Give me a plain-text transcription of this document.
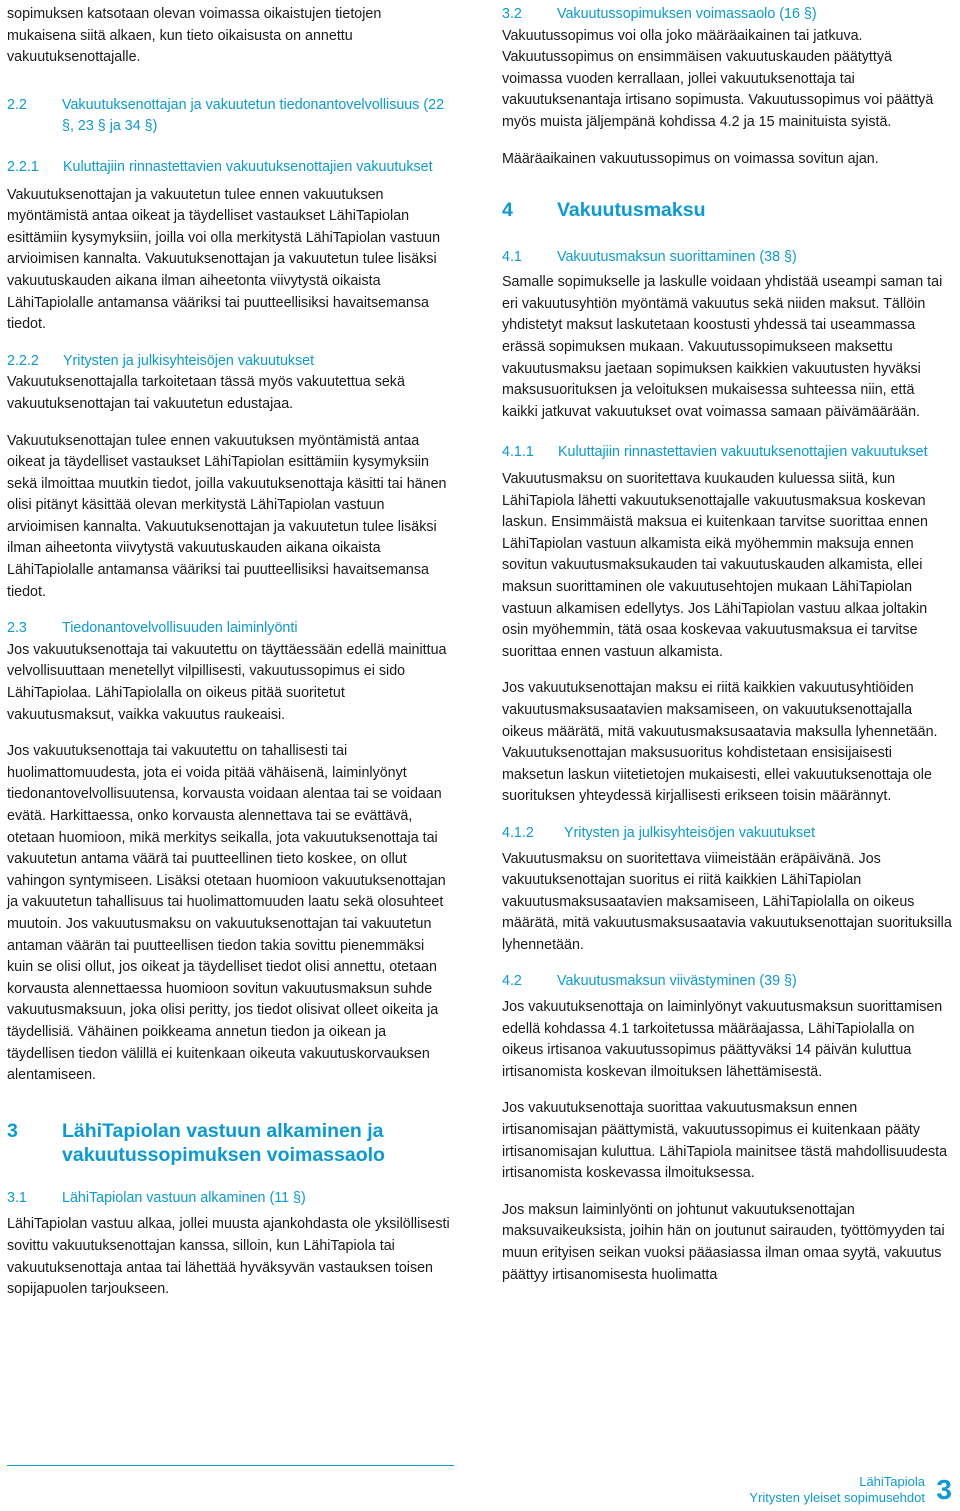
sopimuksen katsotaan olevan voimassa oikaistujen tietojen mukaisena siitä alkaen, kun tieto oikaisusta on annettu vakuutuksenottajalle.

2.2	Vakuutuksenottajan ja vakuutetun tiedonantovelvollisuus (22 §, 23 § ja 34 §)
2.2.1	Kuluttajiin rinnastettavien vakuutuksenottajien vakuutukset

Vakuutuksenottajan ja vakuutetun tulee ennen vakuutuksen myöntämistä antaa oikeat ja täydelliset vastaukset LähiTapiolan esittämiin kysymyksiin, joilla voi olla merkitystä LähiTapiolan vastuun arvioimisen kannalta. Vakuutuksenottajan ja vakuutetun tulee lisäksi vakuutuskauden aikana ilman aiheetonta viivytystä oikaista LähiTapiolalle antamansa vääriksi tai puutteellisiksi havaitsemansa tiedot.

2.2.2	Yritysten ja julkisyhteisöjen vakuutukset

Vakuutuksenottajalla tarkoitetaan tässä myös vakuutettua sekä vakuutuksenottajan tai vakuutetun edustajaa.

Vakuutuksenottajan tulee ennen vakuutuksen myöntämistä antaa oikeat ja täydelliset vastaukset LähiTapiolan esittämiin kysymyksiin sekä ilmoittaa muutkin tiedot, joilla vakuutuksenottaja käsitti tai hänen olisi pitänyt käsittää olevan merkitystä LähiTapiolan vastuun arvioimisen kannalta. Vakuutuksenottajan ja vakuutetun tulee lisäksi ilman aiheetonta viivytystä vakuutuskauden aikana oikaista LähiTapiolalle antamansa vääriksi tai puutteellisiksi havaitsemansa tiedot.

2.3	Tiedonantovelvollisuuden laiminlyönti

Jos vakuutuksenottaja tai vakuutettu on täyttäessään edellä mainittua velvollisuuttaan menetellyt vilpillisesti, vakuutussopimus ei sido LähiTapiolaa. LähiTapiolalla on oikeus pitää suoritetut vakuutusmaksut, vaikka vakuutus raukeaisi.

Jos vakuutuksenottaja tai vakuutettu on tahallisesti tai huolimattomuudesta, jota ei voida pitää vähäisenä, laiminlyönyt tiedonantovelvollisuutensa, korvausta voidaan alentaa tai se voidaan evätä. Harkittaessa, onko korvausta alennettava tai se evättävä, otetaan huomioon, mikä merkitys seikalla, jota vakuutuksenottaja tai vakuutetun antama väärä tai puutteellinen tieto koskee, on ollut vahingon syntymiseen. Lisäksi otetaan huomioon vakuutuksenottajan ja vakuutetun tahallisuus tai huolimattomuuden laatu sekä olosuhteet muutoin. Jos vakuutusmaksu on vakuutuksenottajan tai vakuutetun antaman väärän tai puutteellisen tiedon takia sovittu pienemmäksi kuin se olisi ollut, jos oikeat ja täydelliset tiedot olisi annettu, otetaan korvausta alennettaessa huomioon sovitun vakuutusmaksun suhde vakuutusmaksuun, joka olisi peritty, jos tiedot olisivat olleet oikeita ja täydellisiä. Vähäinen poikkeama annetun tiedon ja oikean ja täydellisen tiedon välillä ei kuitenkaan oikeuta vakuutuskorvauksen alentamiseen.

3	LähiTapiolan vastuun alkaminen ja vakuutussopimuksen voimassaolo
3.1	LähiTapiolan vastuun alkaminen (11 §)

LähiTapiolan vastuu alkaa, jollei muusta ajankohdasta ole yksilöllisesti sovittu vakuutuksenottajan kanssa, silloin, kun LähiTapiola tai vakuutuksenottaja antaa tai lähettää hyväksyvän vastauksen toisen sopijapuolen tarjoukseen.

3.2	Vakuutussopimuksen voimassaolo (16 §)

Vakuutussopimus voi olla joko määräaikainen tai jatkuva. Vakuutussopimus on ensimmäisen vakuutuskauden päätyttyä voimassa vuoden kerrallaan, jollei vakuutuksenottaja tai vakuutuksenantaja irtisano sopimusta. Vakuutussopimus voi päättyä myös muista jäljempänä kohdissa 4.2 ja 15 mainituista syistä.

Määräaikainen vakuutussopimus on voimassa sovitun ajan.

4	Vakuutusmaksu
4.1	Vakuutusmaksun suorittaminen (38 §)

Samalle sopimukselle ja laskulle voidaan yhdistää useampi saman tai eri vakuutusyhtiön myöntämä vakuutus sekä niiden maksut. Tällöin yhdistetyt maksut laskutetaan koostusti yhdessä tai useammassa erässä sopimuksen mukaan. Vakuutussopimukseen maksettu vakuutusmaksu jaetaan sopimuksen kaikkien vakuutusten hyväksi maksusuorituksen ja veloituksen mukaisessa suhteessa niin, että kaikki jatkuvat vakuutukset ovat voimassa samaan päivämäärään.

4.1.1	Kuluttajiin rinnastettavien vakuutuksenottajien vakuutukset

Vakuutusmaksu on suoritettava kuukauden kuluessa siitä, kun LähiTapiola lähetti vakuutuksenottajalle vakuutusmaksua koskevan laskun. Ensimmäistä maksua ei kuitenkaan tarvitse suorittaa ennen LähiTapiolan vastuun alkamista eikä myöhemmin maksuja ennen sovitun vakuutusmaksukauden tai vakuutuskauden alkamista, ellei maksun suorittaminen ole vakuutusehtojen mukaan LähiTapiolan vastuun alkamisen edellytys. Jos LähiTapiolan vastuu alkaa joltakin osin myöhemmin, tätä osaa koskevaa vakuutusmaksua ei tarvitse suorittaa ennen vastuun alkamista.

Jos vakuutuksenottajan maksu ei riitä kaikkien vakuutusyhtiöiden vakuutusmaksusaatavien maksamiseen, on vakuutuksenottajalla oikeus määrätä, mitä vakuutusmaksusaatavia maksulla lyhennetään. Vakuutuksenottajan maksusuoritus kohdistetaan ensisijaisesti maksetun laskun viitetietojen mukaisesti, ellei vakuutuksenottaja ole suorituksen yhteydessä kirjallisesti erikseen toisin määrännyt.

4.1.2	Yritysten ja julkisyhteisöjen vakuutukset

Vakuutusmaksu on suoritettava viimeistään eräpäivänä. Jos vakuutuksenottajan suoritus ei riitä kaikkien LähiTapiolan vakuutusmaksusaatavien maksamiseen, LähiTapiolalla on oikeus määrätä, mitä vakuutusmaksusaatavia vakuutuksenottajan suorituksilla lyhennetään.

4.2	Vakuutusmaksun viivästyminen (39 §)

Jos vakuutuksenottaja on laiminlyönyt vakuutusmaksun suorittamisen edellä kohdassa 4.1 tarkoitetussa määräajassa, LähiTapiolalla on oikeus irtisanoa vakuutussopimus päättyväksi 14 päivän kuluttua irtisanomista koskevan ilmoituksen lähettämisestä.

Jos vakuutuksenottaja suorittaa vakuutusmaksun ennen irtisanomisajan päättymistä, vakuutussopimus ei kuitenkaan pääty irtisanomisajan kuluttua. LähiTapiola mainitsee tästä mahdollisuudesta irtisanomista koskevassa ilmoituksessa.

Jos maksun laiminlyönti on johtunut vakuutuksenottajan maksuvaikeuksista, joihin hän on joutunut sairauden, työttömyyden tai muun erityisen seikan vuoksi pääasiassa ilman omaa syytä, vakuutus päättyy irtisanomisesta huolimatta

LähiTapiola
Yritysten yleiset sopimusehdot 3
